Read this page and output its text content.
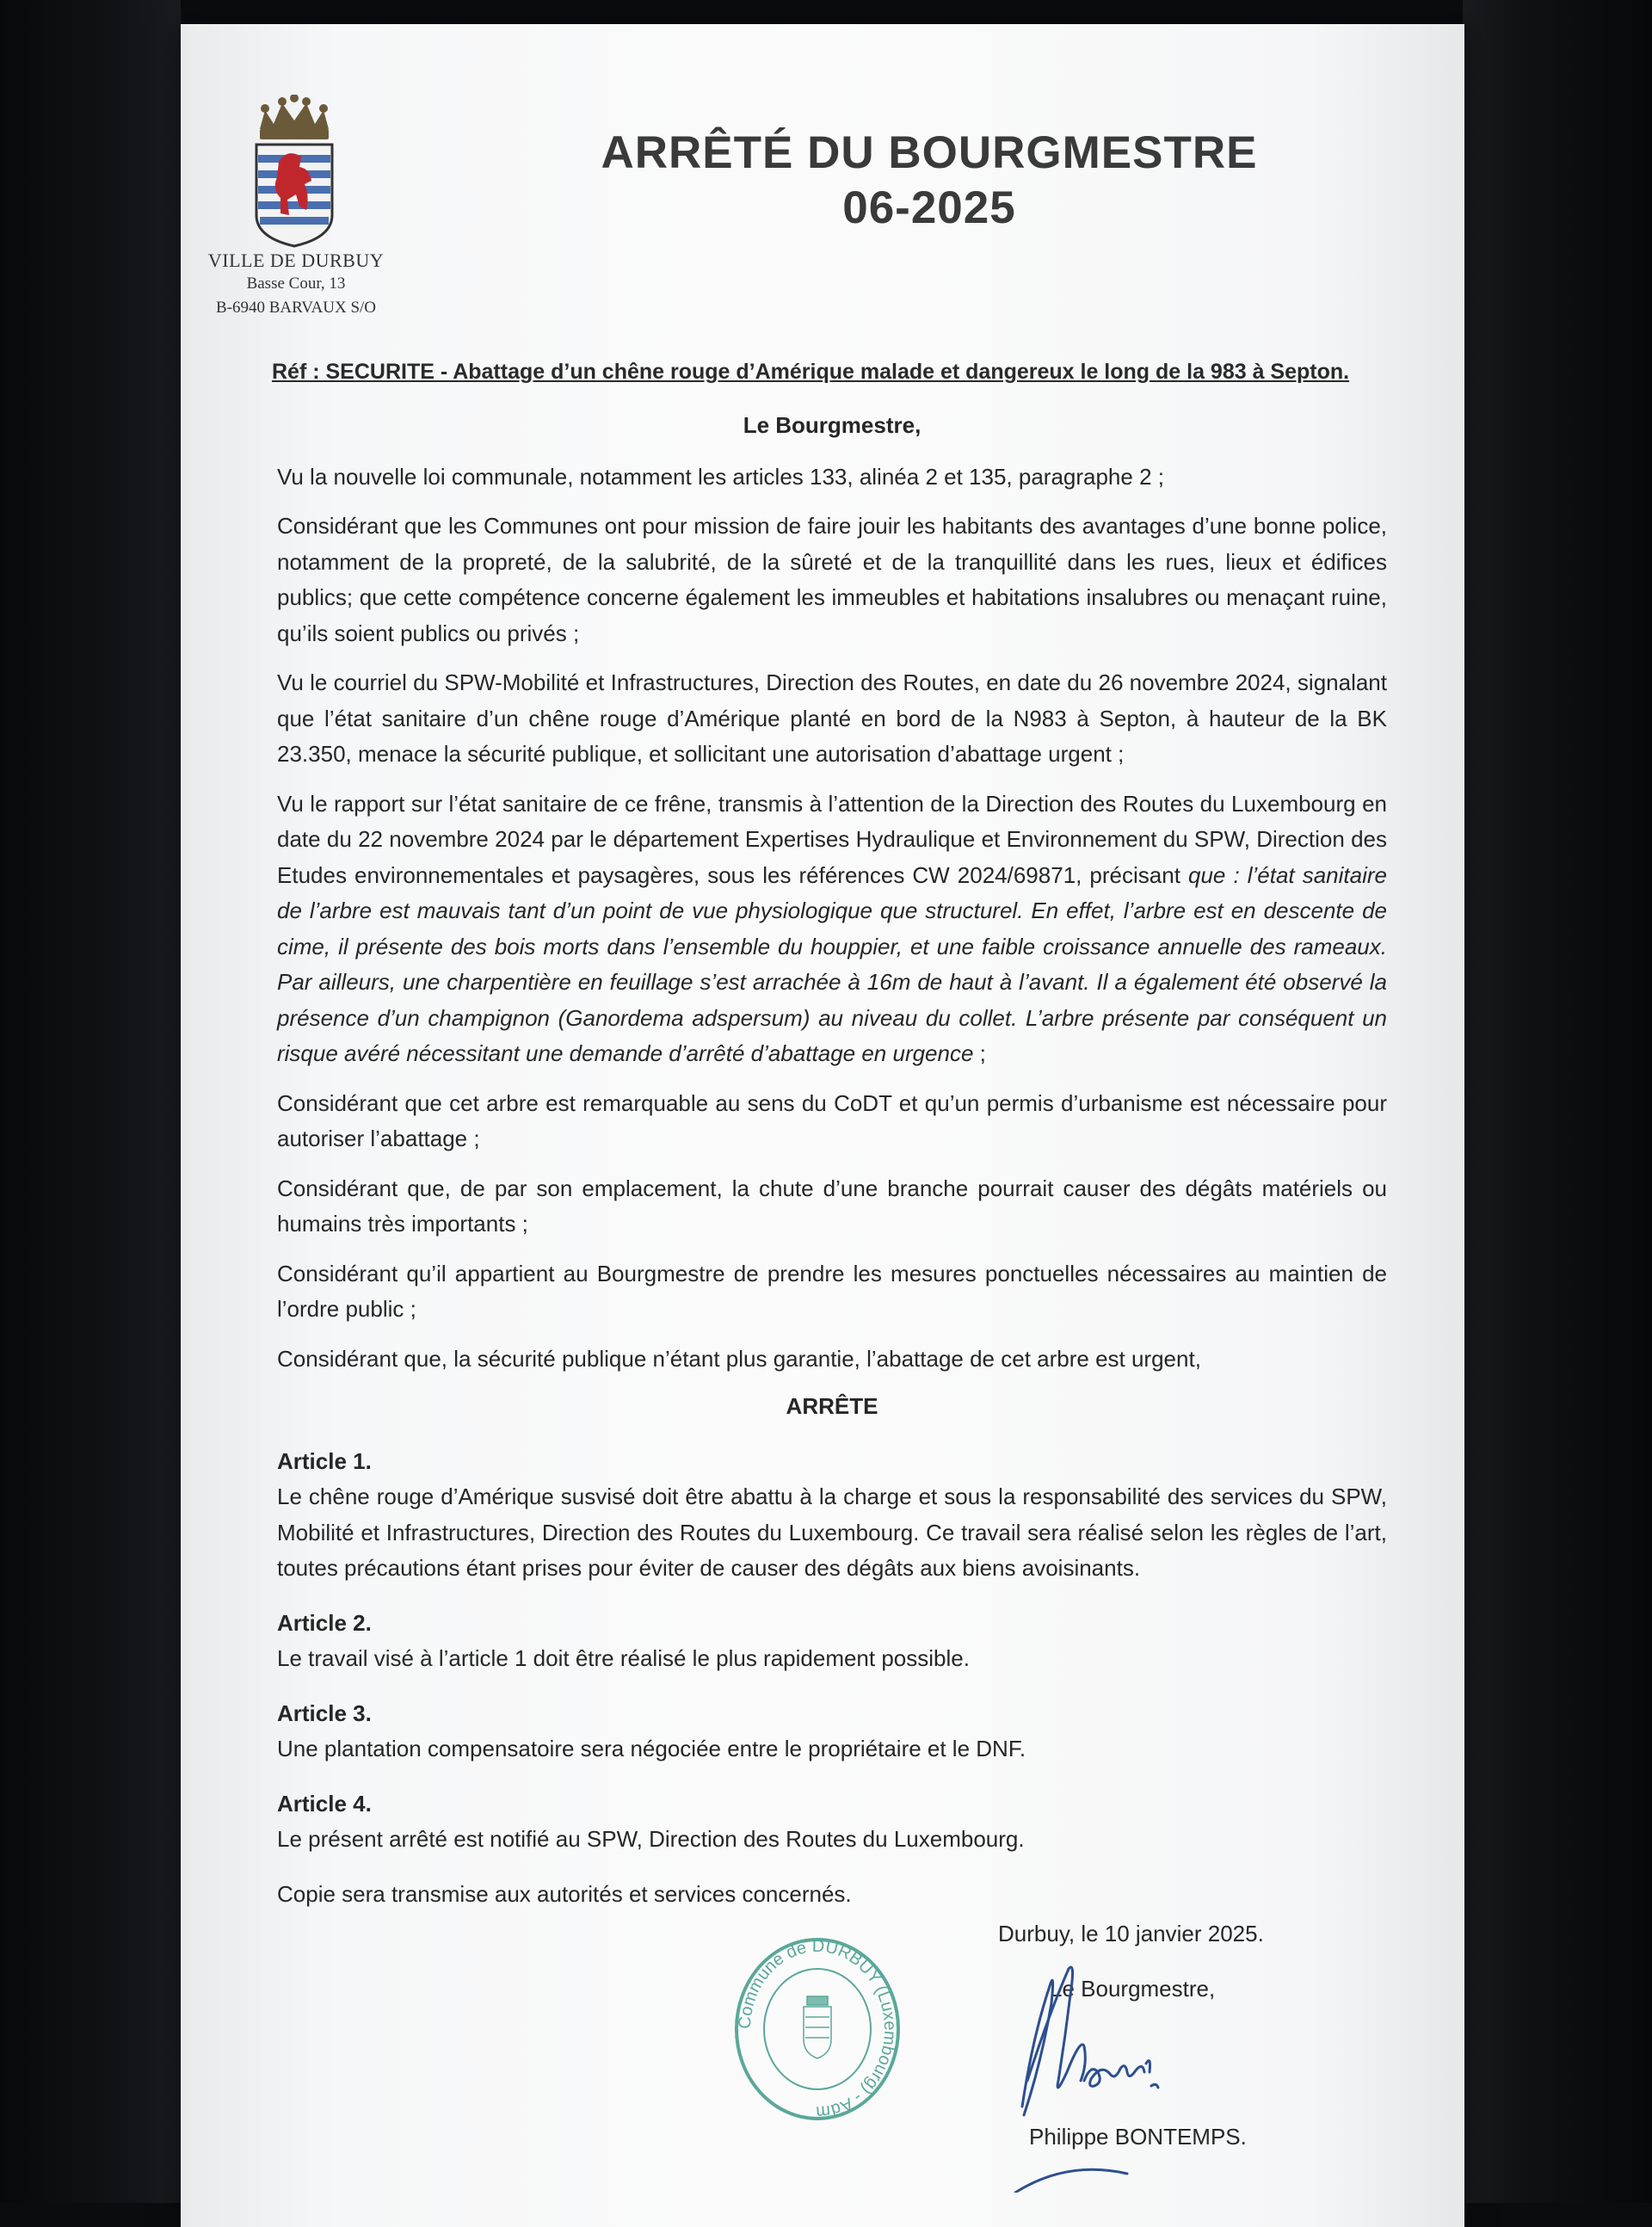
VILLE DE DURBUY
Basse Cour, 13
B-6940 BARVAUX S/O
ARRÊTÉ DU BOURGMESTRE
06-2025
Réf : SECURITE - Abattage d’un chêne rouge d’Amérique malade et dangereux le long de la 983 à Septon.
Le Bourgmestre,

Vu la nouvelle loi communale, notamment les articles 133, alinéa 2 et 135, paragraphe 2 ;

Considérant que les Communes ont pour mission de faire jouir les habitants des avantages d’une bonne police, notamment de la propreté, de la salubrité, de la sûreté et de la tranquillité dans les rues, lieux et édifices publics; que cette compétence concerne également les immeubles et habitations insalubres ou menaçant ruine, qu’ils soient publics ou privés ;

Vu le courriel du SPW-Mobilité et Infrastructures, Direction des Routes, en date du 26 novembre 2024, signalant que l’état sanitaire d’un chêne rouge d’Amérique planté en bord de la N983 à Septon, à hauteur de la BK 23.350, menace la sécurité publique, et sollicitant une autorisation d’abattage urgent ;

Vu le rapport sur l’état sanitaire de ce frêne, transmis à l’attention de la Direction des Routes du Luxembourg en date du 22 novembre 2024 par le département Expertises Hydraulique et Environnement du SPW, Direction des Etudes environnementales et paysagères, sous les références CW 2024/69871, précisant que : l’état sanitaire de l’arbre est mauvais tant d’un point de vue physiologique que structurel. En effet, l’arbre est en descente de cime, il présente des bois morts dans l’ensemble du houppier, et une faible croissance annuelle des rameaux. Par ailleurs, une charpentière en feuillage s’est arrachée à 16m de haut à l’avant. Il a également été observé la présence d’un champignon (Ganordema adspersum) au niveau du collet. L’arbre présente par conséquent un risque avéré nécessitant une demande d’arrêté d’abattage en urgence ;

Considérant que cet arbre est remarquable au sens du CoDT et qu’un permis d’urbanisme est nécessaire pour autoriser l’abattage ;

Considérant que, de par son emplacement, la chute d’une branche pourrait causer des dégâts matériels ou humains très importants ;

Considérant qu’il appartient au Bourgmestre de prendre les mesures ponctuelles nécessaires au maintien de l’ordre public ;

Considérant que, la sécurité publique n’étant plus garantie, l’abattage de cet arbre est urgent,

ARRÊTE
Article 1.

Le chêne rouge d’Amérique susvisé doit être abattu à la charge et sous la responsabilité des services du SPW, Mobilité et Infrastructures, Direction des Routes du Luxembourg. Ce travail sera réalisé selon les règles de l’art, toutes précautions étant prises pour éviter de causer des dégâts aux biens avoisinants.

Article 2.

Le travail visé à l’article 1 doit être réalisé le plus rapidement possible.

Article 3.

Une plantation compensatoire sera négociée entre le propriétaire et le DNF.

Article 4.

Le présent arrêté est notifié au SPW, Direction des Routes du Luxembourg.

Copie sera transmise aux autorités et services concernés.

Commune de DURBUY (Luxembourg) - Adm
Durbuy, le 10 janvier 2025.
Le Bourgmestre,
Philippe BONTEMPS.
